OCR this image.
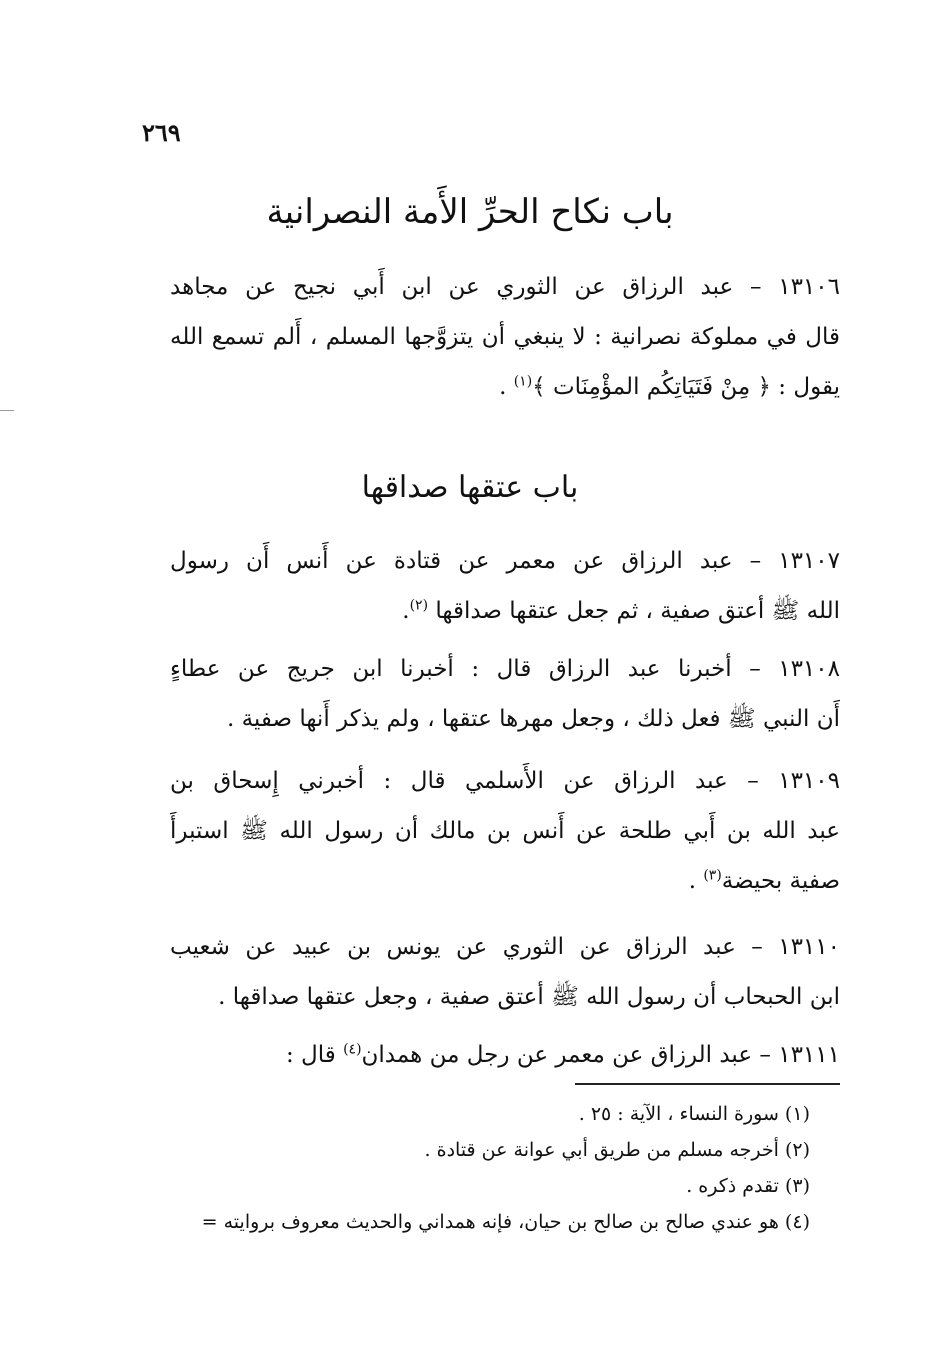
٢٦٩
باب نكاح الحرِّ الأَمة النصرانية
١٣١٠٦ – عبد الرزاق عن الثوري عن ابن أَبي نجيح عن مجاهد
قال في مملوكة نصرانية : لا ينبغي أن يتزوَّجها المسلم ، أَلم تسمع الله
يقول : ﴿ مِنْ فَتَيَاتِكُم المؤْمِنَات ﴾$^{(١)}$ .
باب عتقها صداقها
١٣١٠٧ – عبد الرزاق عن معمر عن قتادة عن أَنس أَن رسول
الله ﷺ أعتق صفية ، ثم جعل عتقها صداقها $^{(٢)}$.
١٣١٠٨ – أخبرنا عبد الرزاق قال : أخبرنا ابن جريج عن عطاءٍ
أَن النبي ﷺ فعل ذلك ، وجعل مهرها عتقها ، ولم يذكر أَنها صفية .
١٣١٠٩ – عبد الرزاق عن الأَسلمي قال : أخبرني إِسحاق بن
عبد الله بن أَبي طلحة عن أَنس بن مالك أن رسول الله ﷺ استبرأَ
صفية بحيضة$^{(٣)}$ .
١٣١١٠ – عبد الرزاق عن الثوري عن يونس بن عبيد عن شعيب
ابن الحبحاب أن رسول الله ﷺ أعتق صفية ، وجعل عتقها صداقها .
١٣١١١ – عبد الرزاق عن معمر عن رجل من همدان$^{(٤)}$ قال :
(١) سورة النساء ، الآية : ٢٥ .
(٢) أخرجه مسلم من طريق أبي عوانة عن قتادة .
(٣) تقدم ذكره .
(٤) هو عندي صالح بن صالح بن حيان، فإنه همداني والحديث معروف بروايته =
